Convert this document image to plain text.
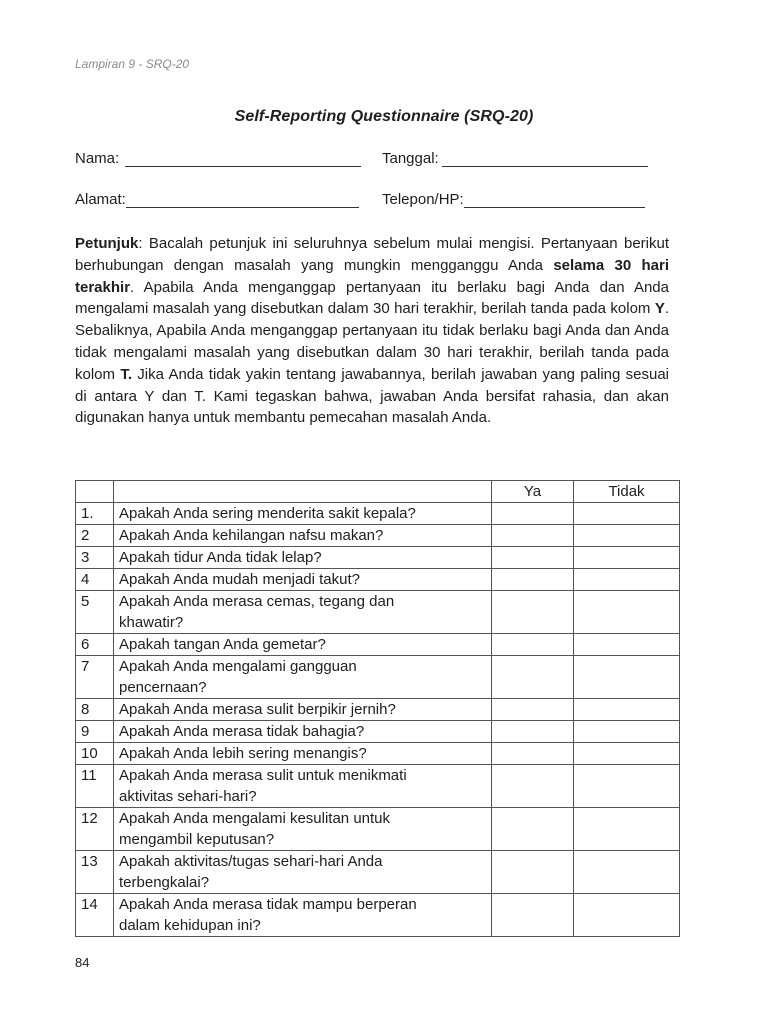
Lampiran 9 - SRQ-20
Self-Reporting Questionnaire (SRQ-20)
Nama:	Tanggal:
Alamat:	Telepon/HP:
Petunjuk: Bacalah petunjuk ini seluruhnya sebelum mulai mengisi. Pertanyaan berikut berhubungan dengan masalah yang mungkin mengganggu Anda selama 30 hari terakhir. Apabila Anda menganggap pertanyaan itu berlaku bagi Anda dan Anda mengalami masalah yang disebutkan dalam 30 hari terakhir, berilah tanda pada kolom Y. Sebaliknya, Apabila Anda menganggap pertanyaan itu tidak berlaku bagi Anda dan Anda tidak mengalami masalah yang disebutkan dalam 30 hari terakhir, berilah tanda pada kolom T. Jika Anda tidak yakin tentang jawabannya, berilah jawaban yang paling sesuai di antara Y dan T. Kami tegaskan bahwa, jawaban Anda bersifat rahasia, dan akan digunakan hanya untuk membantu pemecahan masalah Anda.
		Ya	Tidak
1.	Apakah Anda sering menderita sakit kepala?		

2	Apakah Anda kehilangan nafsu makan?		

3	Apakah tidur Anda tidak lelap?		

4	Apakah Anda mudah menjadi takut?		

5	Apakah Anda merasa cemas, tegang dan
khawatir?		

6	Apakah tangan Anda gemetar?		

7	Apakah Anda mengalami gangguan
pencernaan?		

8	Apakah Anda merasa sulit berpikir jernih?		

9	Apakah Anda merasa tidak bahagia?		

10	Apakah Anda lebih sering menangis?		

11	Apakah Anda merasa sulit untuk menikmati
aktivitas sehari-hari?		

12	Apakah Anda mengalami kesulitan untuk
mengambil keputusan?		

13	Apakah aktivitas/tugas sehari-hari Anda
terbengkalai?		

14	Apakah Anda merasa tidak mampu berperan
dalam kehidupan ini?		

84
